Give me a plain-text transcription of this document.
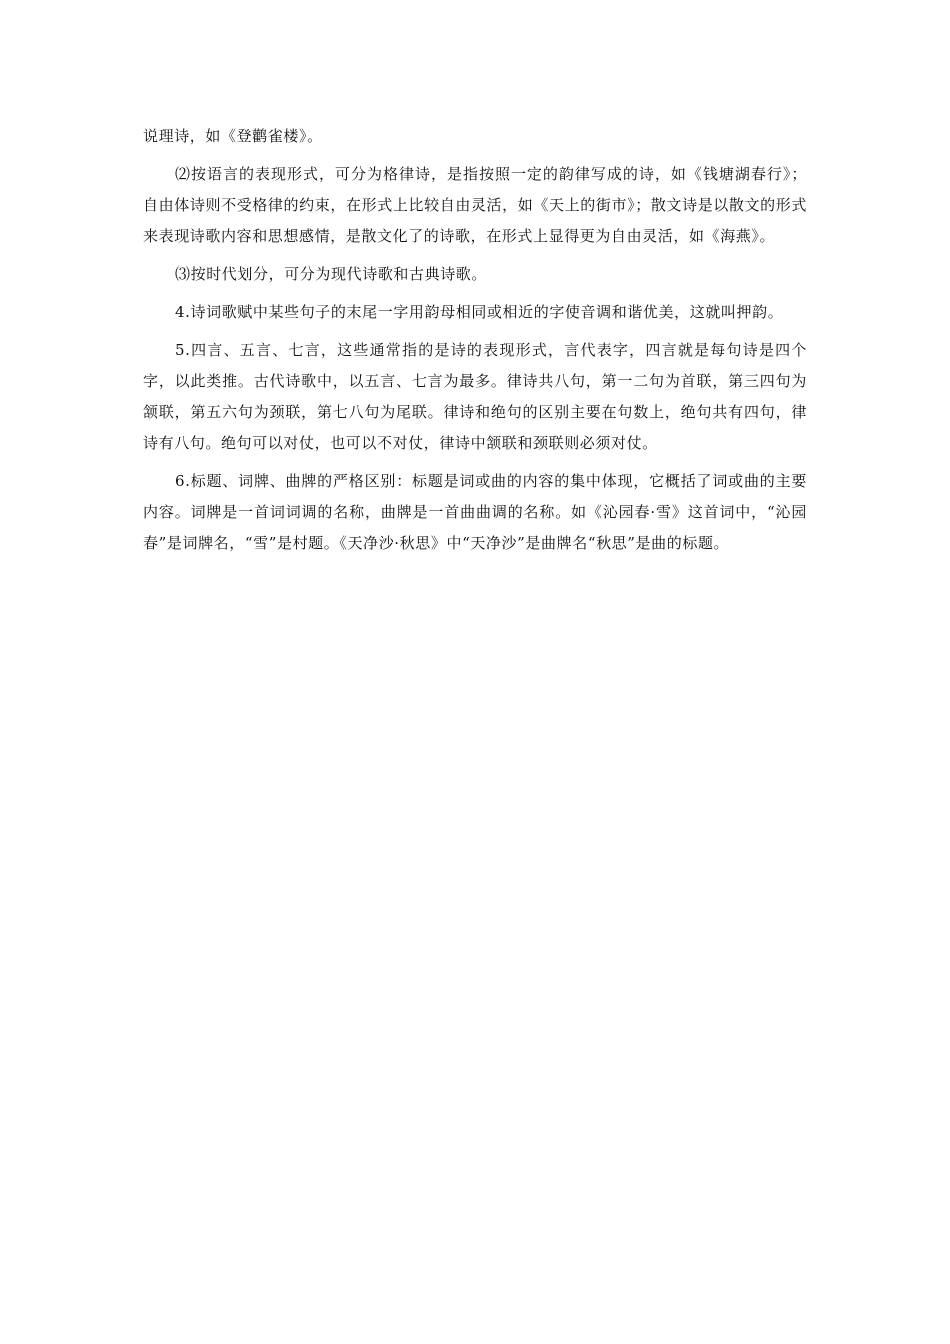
说理诗，如《登鹳雀楼》。

⑵按语言的表现形式，可分为格律诗，是指按照一定的韵律写成的诗，如《钱塘湖春行》；自由体诗则不受格律的约束，在形式上比较自由灵活，如《天上的街市》；散文诗是以散文的形式来表现诗歌内容和思想感情，是散文化了的诗歌，在形式上显得更为自由灵活，如《海燕》。

⑶按时代划分，可分为现代诗歌和古典诗歌。

4.诗词歌赋中某些句子的末尾一字用韵母相同或相近的字使音调和谐优美，这就叫押韵。

5.四言、五言、七言，这些通常指的是诗的表现形式，言代表字，四言就是每句诗是四个字，以此类推。古代诗歌中，以五言、七言为最多。律诗共八句，第一二句为首联，第三四句为颔联，第五六句为颈联，第七八句为尾联。律诗和绝句的区别主要在句数上，绝句共有四句，律诗有八句。绝句可以对仗，也可以不对仗，律诗中颔联和颈联则必须对仗。

6.标题、词牌、曲牌的严格区别：标题是词或曲的内容的集中体现，它概括了词或曲的主要内容。词牌是一首词词调的名称，曲牌是一首曲曲调的名称。如《沁园春·雪》这首词中，“沁园春”是词牌名，“雪”是村题。《天净沙·秋思》中“天净沙”是曲牌名“秋思”是曲的标题。
